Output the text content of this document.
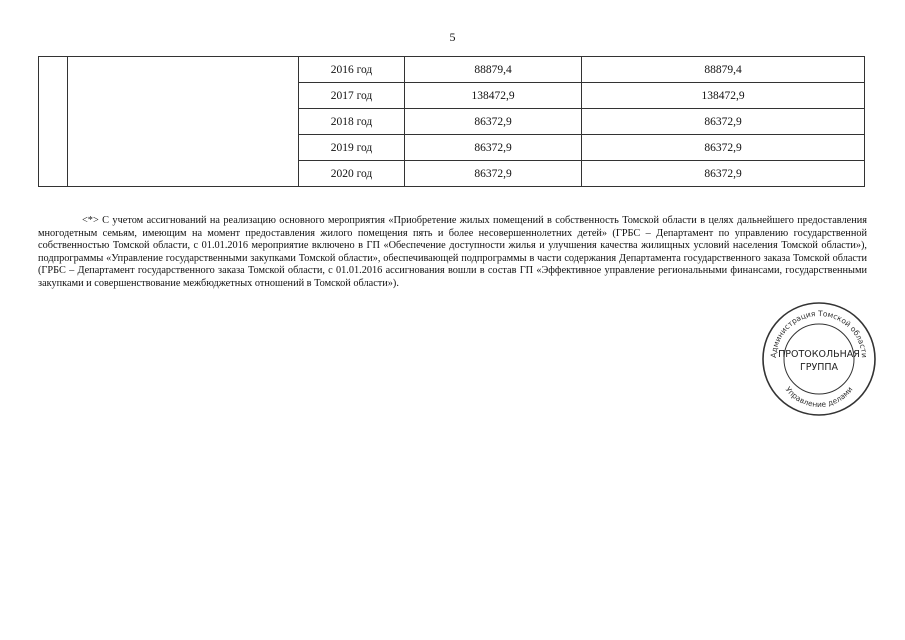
5
		2016 год	88879,4	88879,4
		2017 год	138472,9	138472,9
		2018 год	86372,9	86372,9
		2019 год	86372,9	86372,9
		2020 год	86372,9	86372,9

<*> С учетом ассигнований на реализацию основного мероприятия «Приобретение жилых помещений в собственность Томской области в целях дальнейшего предоставления многодетным семьям, имеющим на момент предоставления жилого помещения пять и более несовершеннолетних детей» (ГРБС – Департамент по управлению государственной собственностью Томской области, с 01.01.2016 мероприятие включено в ГП «Обеспечение доступности жилья и улучшения качества жилищных условий населения Томской области»), подпрограммы «Управление государственными закупками Томской области», обеспечивающей подпрограммы в части содержания Департамента государственного заказа Томской области (ГРБС – Департамент государственного заказа Томской области, с 01.01.2016 ассигнования вошли в состав ГП «Эффективное управление региональными финансами, государственными закупками и совершенствование межбюджетных отношений в Томской области»).

Администрация Томской области
Управление делами
ПРОТОКОЛЬНАЯ
ГРУППА
